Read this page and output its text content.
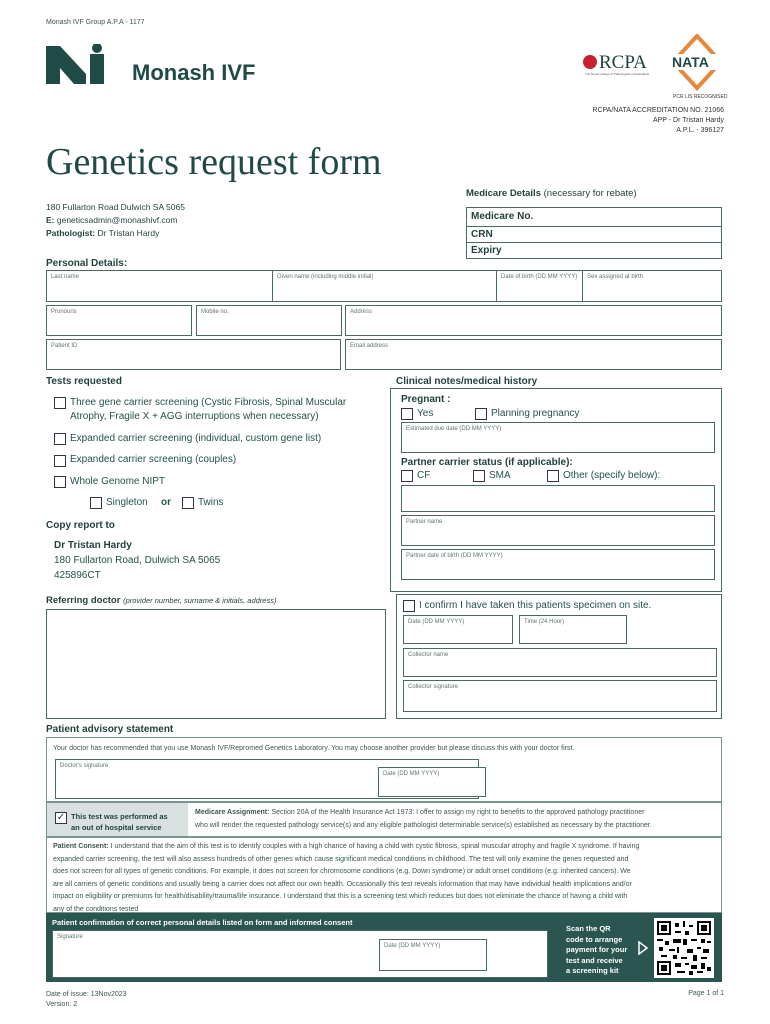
Monash IVF Group A.P.A - 1177
Monash IVF	RCPA
The Royal College of Pathologists of Australasia
NATA
PCR LIS RECOGNISED
RCPA/NATA ACCREDITATION NO. 21066
APP - Dr Tristan Hardy
A.P.L. - 396127
Genetics request form
180 Fullarton Road Dulwich SA 5065
E: geneticsadmin@monashivf.com
Pathologist: Dr Tristan Hardy
Medicare Details (necessary for rebate)
Medicare No.
CRN
Expiry
Personal Details:
Last name	Given name (including middle initial)	Date of birth (DD MM YYYY) Sex assigned at birth
Pronouns	Mobile no.	Address
Patient ID	Email address
Tests requested
Three gene carrier screening (Cystic Fibrosis, Spinal Muscular
Atrophy, Fragile X + AGG interruptions when necessary)
Expanded carrier screening (individual, custom gene list)
Expanded carrier screening (couples)
Whole Genome NIPT
Singleton or	Twins
Clinical notes/medical history
Pregnant :
Yes	Planning pregnancy
Estimated due date (DD MM YYYY)
Partner carrier status (if applicable):
CF	SMA	Other (specify below):
Partner name
Partner date of birth (DD MM YYYY)
Copy report to
Dr Tristan Hardy
180 Fullarton Road, Dulwich SA 5065
425896CT
Referring doctor (provider number, surname & initials, address)	I confirm I have taken this patients specimen on site.
Date (DD MM YYYY)	Time (24 Hour)
Collector name
Collector signature
Patient advisory statement
Your doctor has recommended that you use Monash IVF/Repromed Genetics Laboratory. You may choose another provider but please discuss this with your doctor first.
Doctor's signature
Date (DD MM YYYY)
✓ This test was performed as
an out of hospital service
Medicare Assignment: Section 20A of the Health Insurance Act 1973: I offer to assign my right to benefits to the approved pathology practitioner
who will render the requested pathology service(s) and any eligible pathologist determinable service(s) established as necessary by the practitioner.
Patient Consent: I understand that the aim of this test is to identify couples with a high chance of having a child with cystic fibrosis, spinal muscular atrophy and fragile X syndrome. If having
expanded carrier screening, the test will also assess hundreds of other genes which cause significant medical conditions in childhood. The test will only examine the genes requested and
does not screen for all types of genetic conditions. For example, it does not screen for chromosome conditions (e.g. Down syndrome) or adult onset conditions (e.g. inherited cancers). We
are all carriers of genetic conditions and usually being a carrier does not affect our own health. Occasionally this test reveals information that may have individual health implications and/or
impact on eligibility or premiums for health/disability/trauma/life insurance. I understand that this is a screening test which reduces but does not eliminate the chance of having a child with
any of the conditions tested
Patient confirmation of correct personal details listed on form and informed consent
Signature
Date (DD MM YYYY)
Scan the QR
code to arrange
payment for your
test and receive
a screening kit
Date of issue: 13Nov2023
Version: 2
Page 1 of 1
